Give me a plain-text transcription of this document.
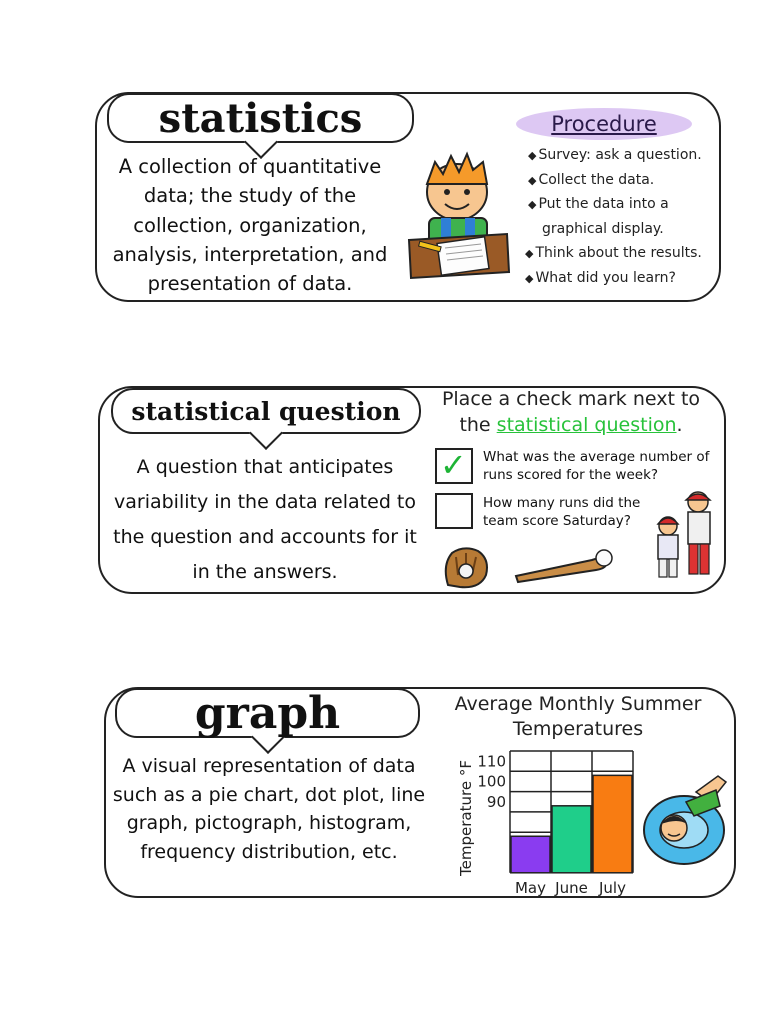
statistics
A collection of quantitative data; the study of the collection, organization, analysis, interpretation, and presentation of data.
Procedure
◆ Survey: ask a question.
◆ Collect the data.
◆ Put the data into a
graphical display.
◆ Think about the results.
◆ What did you learn?
statistical question
A question that anticipates variability in the data related to the question and accounts for it in the answers.
Place a check mark next to the statistical question.
✓ What was the average number of runs scored for the week?
How many runs did the team score Saturday?
graph
A visual representation of data such as a pie chart, dot plot, line graph, pictograph, histogram, frequency distribution, etc.
Average Monthly Summer Temperatures
Temperature °F 110
100
90
May June July
